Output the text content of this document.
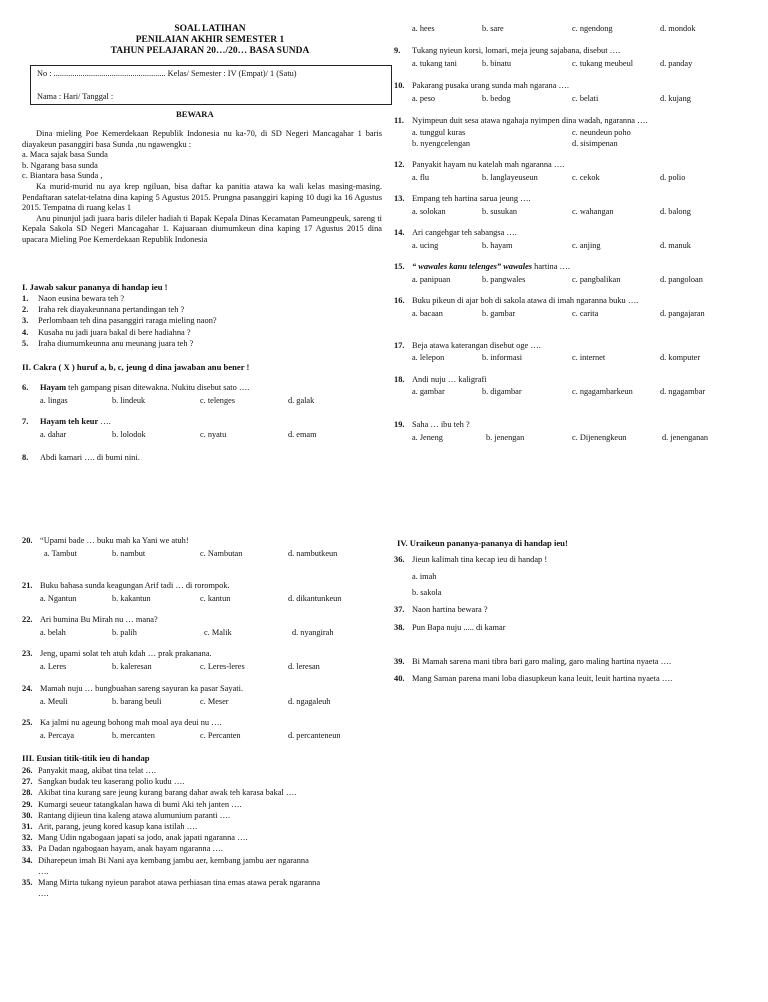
SOAL LATIHAN
PENILAIAN AKHIR SEMESTER 1
TAHUN PELAJARAN 20…/20… BASA SUNDA
No : ...................................................... Kelas/ Semester : IV (Empat)/ 1 (Satu)
Nama : Hari/ Tanggal :
BEWARA

Dina mieling Poe Kemerdekaan Republik Indonesia nu ka-70, di SD Negeri Mancagahar 1 baris diayakeun pasanggiri basa Sunda ,nu ngawengku :

a. Maca sajak basa Sunda

b. Ngarang basa sunda

c. Biantara basa Sunda ,

Ka murid-murid nu aya krep ngiluan, bisa daftar ka panitia atawa ka wali kelas masing-masing. Pendaftaran satelat-telatna dina kaping 5 Agustus 2015. Prungna pasanggiri kaping 10 dugi ka 16 Agustus 2015. Tempatna di ruang kelas 1

Anu pinunjul jadi juara baris dileler hadiah ti Bapak Kepala Dinas Kecamatan Pameungpeuk, sareng ti Kepala Sakola SD Negeri Mancagahar 1. Kajuaraan diumumkeun dina kaping 17 Agustus 2015 dina upacara Mieling Poe Kemerdekaan Republik Indonesia

I. Jawab sakur pananya di handap ieu !
1. Naon eusina bewara teh ?
2. Iraha rek diayakeunnana pertandingan teh ?
3. Perlombaan teh dina pasanggiri raraga mieling naon?
4. Kusaha nu jadi juara bakal di bere hadiahna ?
5. Iraha diumumkeunna anu meunang juara teh ?
II. Cakra ( X ) huruf a, b, c, jeung d dina jawaban anu bener !
6. Hayam teh gampang pisan ditewakna. Nukitu disebut sato ….
a. lingas	b. lindeuk	c. telenges	d. galak
7. Hayam teh keur ….
a. dahar	b. lolodok	c. nyatu	d. emam
8. Abdi kamari …. di bumi nini.
20. “Upami bade … buku mah ka Yani we atuh!
a. Tambut	b. nambut	c. Nambutan	d. nambutkeun
21. Buku bahasa sunda keagungan Arif tadi … di rorompok.
a. Ngantun	b. kakantun	c. kantun	d. dikantunkeun
22. Ari bumina Bu Mirah nu … mana?
a. belah	b. palih	c. Malik	d. nyangirah
23. Jeng, upami solat teh atuh kdah … prak prakanana.
a. Leres	b. kaleresan	c. Leres-leres	d. leresan
24. Mamah nuju … bungbuahan sareng sayuran ka pasar Sayati.
a. Meuli	b. barang beuli	c. Meser	d. ngagaleuh
25. Ka jalmi nu ageung bohong mah moal aya deui nu ….
a. Percaya	b. mercanten	c. Percanten	d. percanteneun
III. Eusian titik-titik ieu di handap
26. Panyakit maag, akibat tina telat ….
27. Sangkan budak teu kaserang polio kudu ….
28. Akibat tina kurang sare jeung kurang barang dahar awak teh karasa bakal ….
29. Kumargi seueur tatangkalan hawa di bumi Aki teh janten ….
30. Rantang dijieun tina kaleng atawa alumunium paranti ….
31. Arit, parang, jeung kored kasup kana istilah ….
32. Mang Udin ngabogaan japati sa jodo, anak japati ngaranna ….
33. Pa Dadan ngabogaan hayam, anak hayam ngaranna ….
34. Diharepeun imah Bi Nani aya kembang jambu aer, kembang jambu aer ngaranna
….
35. Mang Mirta tukang nyieun parabot atawa perhiasan tina emas atawa perak ngaranna
….
a. hees	b. sare	c. ngendong	d. mondok
9. Tukang nyieun korsi, lomari, meja jeung sajabana, disebut ….
a. tukang tani	b. binatu	c. tukang meubeul	d. panday
10. Pakarang pusaka urang sunda mah ngarana ….
a. peso	b. bedog	c. belati	d. kujang
11. Nyimpeun duit sesa atawa ngahaja nyimpen dina wadah, ngaranna ….
a. tunggul kuras	c. neundeun poho
b. nyengcelengan	d. sisimpenan
12. Panyakit hayam nu katelah mah ngaranna ….
a. flu	b. langlayeuseun	c. cekok	d. polio
13. Empang teh hartina sarua jeung ….
a. solokan	b. susukan	c. wahangan	d. balong
14. Ari cangehgar teh sabangsa ….
a. ucing	b. hayam	c. anjing	d. manuk
15. “ wawales kanu telenges” wawales hartina ….
a. panipuan	b. pangwales	c. pangbalikan	d. pangoloan
16. Buku pikeun di ajar boh di sakola atawa di imah ngaranna buku ….
a. bacaan	b. gambar	c. carita	d. pangajaran
17. Beja atawa katerangan disebut oge ….
a. lelepon	b. informasi	c. internet	d. komputer
18. Andi nuju … kaligrafi
a. gambar	b. digambar	c. ngagambarkeun	d. ngagambar
19. Saha … ibu teh ?
a. Jeneng	b. jenengan	c. Dijenengkeun	d. jenenganan
IV. Uraikeun pananya-pananya di handap ieu!
36. Jieun kalimah tina kecap ieu di handap !
a. imah
b. sakola
37. Naon hartina bewara ?
38. Pun Bapa nuju ..... di kamar
39. Bi Mamah sarena mani tibra bari garo maling, garo maling hartina nyaeta ….
40. Mang Saman parena mani loba diasupkeun kana leuit, leuit hartina nyaeta ….
